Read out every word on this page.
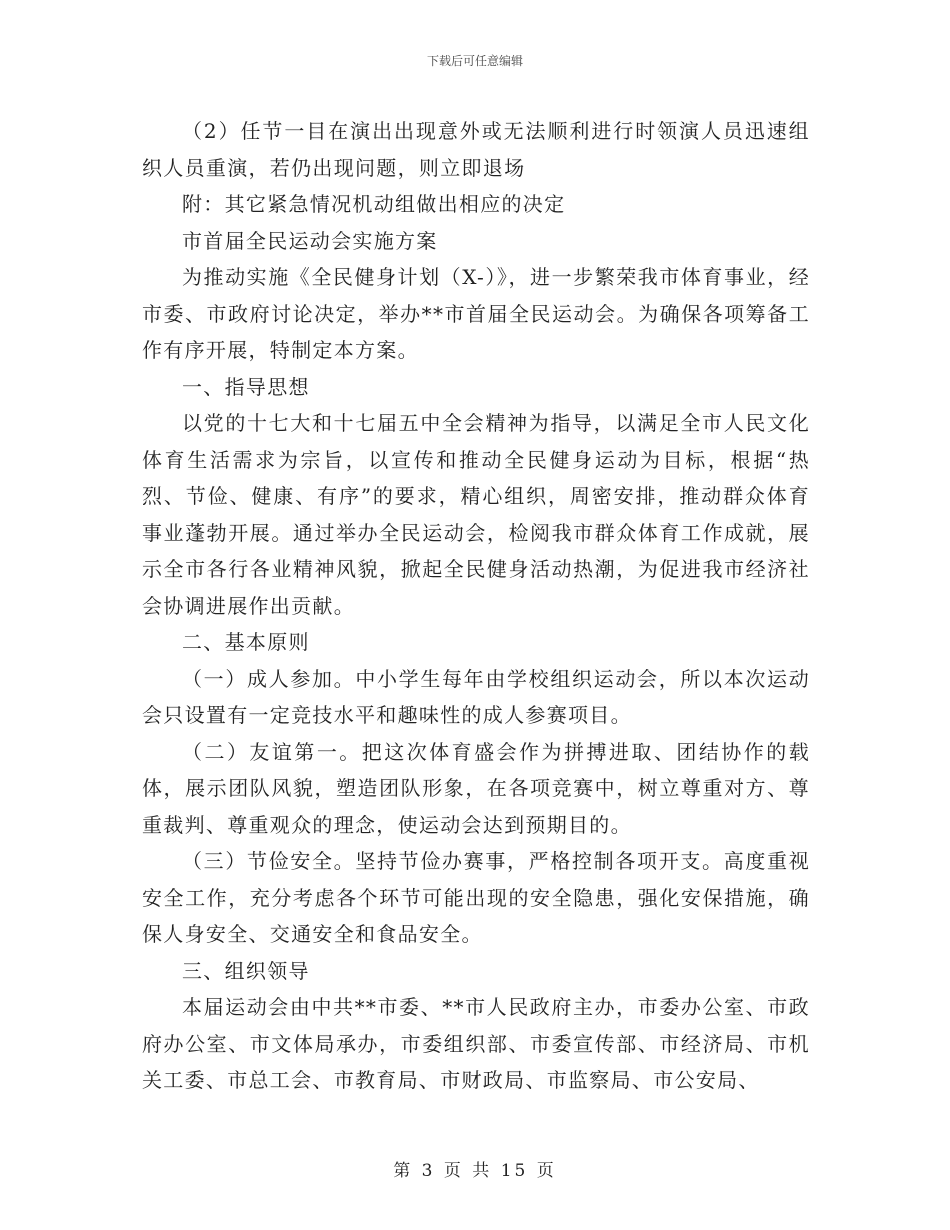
下载后可任意编辑

（2）任节一目在演出出现意外或无法顺利进行时领演人员迅速组织人员重演，若仍出现问题，则立即退场

附：其它紧急情况机动组做出相应的决定

市首届全民运动会实施方案

为推动实施《全民健身计划（X-）》，进一步繁荣我市体育事业，经市委、市政府讨论决定，举办**市首届全民运动会。为确保各项筹备工作有序开展，特制定本方案。

一、指导思想

以党的十七大和十七届五中全会精神为指导，以满足全市人民文化体育生活需求为宗旨，以宣传和推动全民健身运动为目标，根据“热烈、节俭、健康、有序”的要求，精心组织，周密安排，推动群众体育事业蓬勃开展。通过举办全民运动会，检阅我市群众体育工作成就，展示全市各行各业精神风貌，掀起全民健身活动热潮，为促进我市经济社会协调进展作出贡献。

二、基本原则

（一）成人参加。中小学生每年由学校组织运动会，所以本次运动会只设置有一定竞技水平和趣味性的成人参赛项目。

（二）友谊第一。把这次体育盛会作为拼搏进取、团结协作的载体，展示团队风貌，塑造团队形象，在各项竞赛中，树立尊重对方、尊重裁判、尊重观众的理念，使运动会达到预期目的。

（三）节俭安全。坚持节俭办赛事，严格控制各项开支。高度重视安全工作，充分考虑各个环节可能出现的安全隐患，强化安保措施，确保人身安全、交通安全和食品安全。

三、组织领导

本届运动会由中共**市委、**市人民政府主办，市委办公室、市政府办公室、市文体局承办，市委组织部、市委宣传部、市经济局、市机关工委、市总工会、市教育局、市财政局、市监察局、市公安局、

第 3 页 共 15 页
